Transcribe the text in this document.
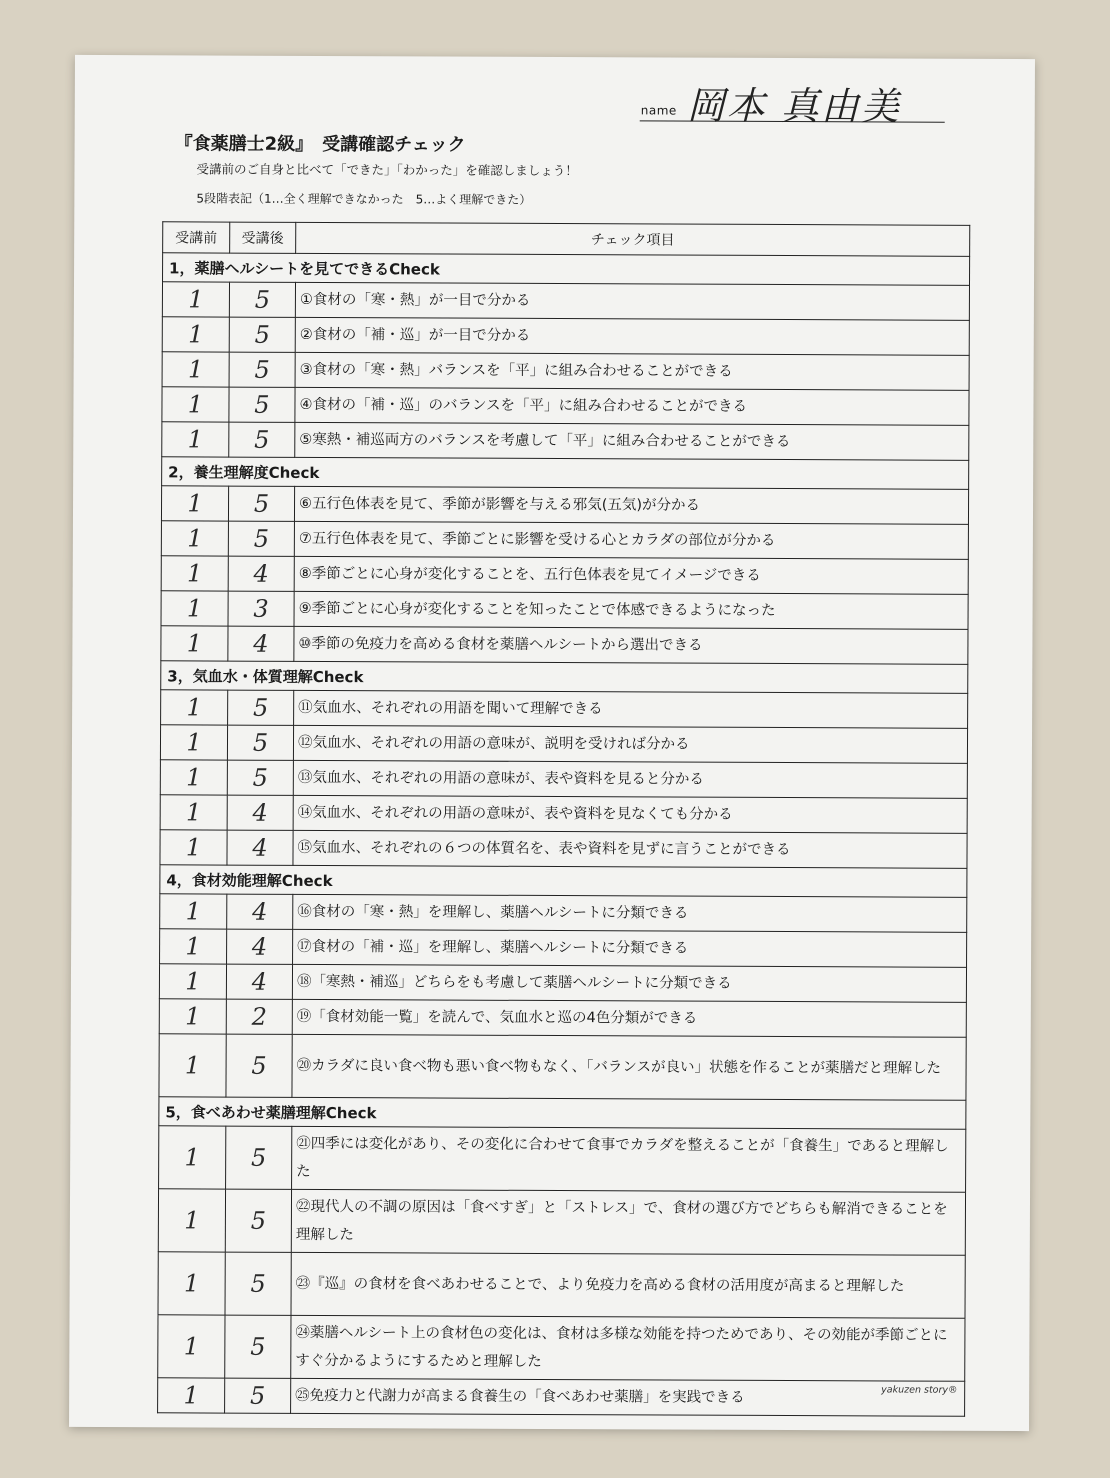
name 岡本 真由美
『食薬膳士2級』　受講確認チェック
受講前のご自身と比べて「できた」「わかった」を確認しましょう！
5段階表記（1…全く理解できなかった　5…よく理解できた）
受講前	受講後	チェック項目
1，薬膳ヘルシートを見てできるCheck		
1	5	①食材の「寒・熱」が一目で分かる
1	5	②食材の「補・巡」が一目で分かる
1	5	③食材の「寒・熱」バランスを「平」に組み合わせることができる
1	5	④食材の「補・巡」のバランスを「平」に組み合わせることができる
1	5	⑤寒熱・補巡両方のバランスを考慮して「平」に組み合わせることができる
2，養生理解度Check		
1	5	⑥五行色体表を見て、季節が影響を与える邪気(五気)が分かる
1	5	⑦五行色体表を見て、季節ごとに影響を受ける心とカラダの部位が分かる
1	4	⑧季節ごとに心身が変化することを、五行色体表を見てイメージできる
1	3	⑨季節ごとに心身が変化することを知ったことで体感できるようになった
1	4	⑩季節の免疫力を高める食材を薬膳ヘルシートから選出できる
3，気血水・体質理解Check		
1	5	⑪気血水、それぞれの用語を聞いて理解できる
1	5	⑫気血水、それぞれの用語の意味が、説明を受ければ分かる
1	5	⑬気血水、それぞれの用語の意味が、表や資料を見ると分かる
1	4	⑭気血水、それぞれの用語の意味が、表や資料を見なくても分かる
1	4	⑮気血水、それぞれの６つの体質名を、表や資料を見ずに言うことができる
4，食材効能理解Check		
1	4	⑯食材の「寒・熱」を理解し、薬膳ヘルシートに分類できる
1	4	⑰食材の「補・巡」を理解し、薬膳ヘルシートに分類できる
1	4	⑱「寒熱・補巡」どちらをも考慮して薬膳ヘルシートに分類できる
1	2	⑲「食材効能一覧」を読んで、気血水と巡の4色分類ができる
1	5	⑳カラダに良い食べ物も悪い食べ物もなく、「バランスが良い」状態を作ることが薬膳だと理解した
5，食べあわせ薬膳理解Check		
1	5	㉑四季には変化があり、その変化に合わせて食事でカラダを整えることが「食養生」であると理解した
1	5	㉒現代人の不調の原因は「食べすぎ」と「ストレス」で、食材の選び方でどちらも解消できることを理解した
1	5	㉓『巡』の食材を食べあわせることで、より免疫力を高める食材の活用度が高まると理解した
1	5	㉔薬膳ヘルシート上の食材色の変化は、食材は多様な効能を持つためであり、その効能が季節ごとにすぐ分かるようにするためと理解した
1	5	㉕免疫力と代謝力が高まる食養生の「食べあわせ薬膳」を実践できる	yakuzen story®
